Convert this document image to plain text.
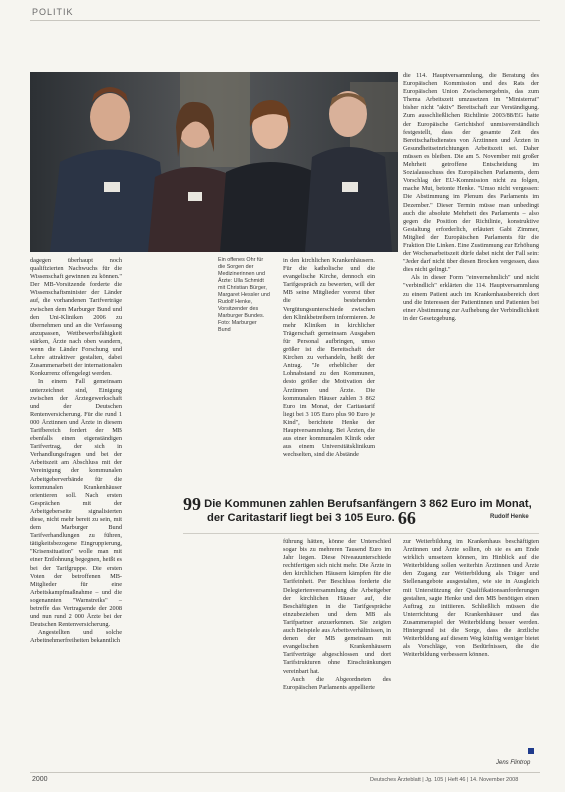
POLITIK
Ein offenes Ohr für die Sorgen der Medizinerinnen und Ärzte: Ulla Schmidt mit Christian Bürger, Margaret Hessler und Rudolf Henke, Vorsitzender des Marburger Bundes.
Foto: Marburger Bund

dagegen überhaupt noch qualifizierten Nachwuchs für die Wissenschaft gewinnen zu können." Der MB-Vorsitzende forderte die Wissenschaftsminister der Länder auf, die vorhandenen Tarifverträge zwischen dem Marburger Bund und den Uni-Kliniken 2006 zu übernehmen und an die Verfassung anzupassen, Wettbewerbsfähigkeit stärken, Ärzte nach oben wandern, wenn die Länder Forschung und Lehre attraktiver gestalten, dabei Zusammenarbeit der internationalen Konkurrenz offengelegt werden.

In einem Fall gemeinsam unterzeichnet sind, Einigung zwischen der Ärztegewerkschaft und der Deutschen Rentenversicherung. Für die rund 1 000 Ärztinnen und Ärzte in diesem Tarifbereich fordert der MB ebenfalls einen eigenständigen Tarifvertrag, der sich in Verhandlungsfragen und bei der Arbeitszeit am Abschluss mit der Vereinigung der kommunalen Arbeitgeberverbände für die kommunalen Krankenhäuser orientieren soll. Nach ersten Gesprächen mit der Arbeitgeberseite signalisierten diese, nicht mehr bereit zu sein, mit dem Marburger Bund Tarifverhandlungen zu führen, tätigkeitsbezogene Eingruppierung, "Krisensituation" wolle man mit einer Entlohnung begegnen, heißt es bei der Tarifgruppe. Die ersten Voten der betroffenen MB-Mitglieder für eine Arbeitskampfmaßnahme – und die sogenannten "Warnstreiks" – betreffe das Vertragsende der 2008 und nun rund 2 000 Ärzte bei der Deutschen Rentenversicherung.

Angestellten und solche Arbeitnehmerfreiheiten bekanntlich

in den kirchlichen Krankenhäusern. Für die katholische und die evangelische Kirche, dennoch ein Tarifgespräch zu bewerten, will der MB seine Mitglieder vorerst über die bestehenden Vergütungsunterschiede zwischen den Klinikbetreibern informieren. Je mehr Kliniken in kirchlicher Trägerschaft gemeinsam Ausgaben für Personal aufbringen, umso größer ist die Bereitschaft der Kirchen zu verhandeln, heißt der Antrag. "Je erheblicher der Lohnabstand zu den Kommunen, desto größer die Motivation der Ärztinnen und Ärzte. Die kommunalen Häuser zahlen 3 862 Euro im Monat, der Caritastarif liegt bei 3 105 Euro plus 90 Euro je Kind", berichtete Henke der Hauptversammlung. Bei Ärzten, die aus einer kommunalen Klinik oder aus einem Universitätsklinikum wechselten, sind die Abstände

die 114. Hauptversammlung, die Beratung des Europäischen Kommission und des Rats der Europäischen Union Zwischenergebnis, das zum Thema Arbeitszeit umzusetzen im "Ministerrat" bisher nicht "aktiv" Bereitschaft zur Verständigung. Zum ausschließlichen Richtlinie 2003/88/EG hatte der Europäische Gerichtshof unmissverständlich festgestellt, dass der gesamte Zeit des Bereitschaftsdienstes von Ärztinnen und Ärzten in Gesundheitseinrichtungen Arbeitszeit sei. Daher müssen es bleiben. Die am 5. November mit großer Mehrheit getroffene Entscheidung im Sozialausschuss des Europäischen Parlaments, dem Vorschlag der EU-Kommission nicht zu folgen, mache Mut, betonte Henke. "Umso nicht vergessen: Die Abstimmung im Plenum des Parlaments im Dezember." Dieser Termin müsse man unbedingt auch die absolute Mehrheit des Parlaments – also gegen die Position der Richtlinie, konstruktive Gestaltung erforderlich, erläutert Gabi Zimmer, Mitglied der Europäischen Parlaments für die Fraktion Die Linken. Eine Zustimmung zur Erhöhung der Wochenarbeitszeit dürfe dabei nicht der Fall sein: "Jeder darf nicht über diesen Brocken vergessen, dass dies nicht gelingt."

Als in dieser Form "einvernehmlich" und nicht "verbindlich" erklärten die 114. Hauptversammlung zu einem Patient auch im Krankenhausbereich dort und die Interessen der Patientinnen und Patienten bei einer Abstimmung zur Aufhebung der Verbindlichkeit in der Gesetzgebung.

99 Die Kommunen zahlen Berufsanfängern 3 862 Euro im Monat,
der Caritastarif liegt bei 3 105 Euro. 66	Rudolf Henke

führung hätten, könne der Unterschied sogar bis zu mehreren Tausend Euro im Jahr liegen. Diese Niveauunterschiede rechtfertigen sich nicht mehr. Die Ärzte in den kirchlichen Häusern kämpfen für die Tarifeinheit. Per Beschluss forderte die Delegiertenversammlung die Arbeitgeber der kirchlichen Häuser auf, die Beschäftigten in die Tarifgespräche einzubeziehen und dem MB als Tarifpartner anzuerkennen. Sie zeigten auch Beispiele aus Arbeitsverhältnissen, in denen der MB gemeinsam mit evangelischen Krankenhäusern Tarifverträge abgeschlossen und dort Tarifstrukturen ohne Einschränkungen vereinbart hat.

Auch die Abgeordneten des Europäischen Parlaments appellierte

zur Weiterbildung im Krankenhaus beschäftigten Ärztinnen und Ärzte sollten, ob sie es am Ende wirklich umsetzen können, im Hinblick auf die Weiterbildung sollen weiterhin Ärztinnen und Ärzte den Zugang zur Weiterbildung als Träger und Stellenangebote ausgestalten, wie sie in Ausgleich mit Unterstützung der Qualifikationsanforderungen gestalten, sagte Henke und den MB benötigen einen Auftrag zu initiieren. Schließlich müssen die Unterrichtung der Krankenhäuser und das Zusammenspiel der Weiterbildung besser werden. Hintergrund ist die Sorge, dass die ärztliche Weiterbildung auf diesem Weg künftig weniger bietet als Vorschläge, von Bedürfnissen, die die Weiterbildung verbessern können.

Jens Flintrop
2000	Deutsches Ärzteblatt | Jg. 105 | Heft 46 | 14. November 2008
